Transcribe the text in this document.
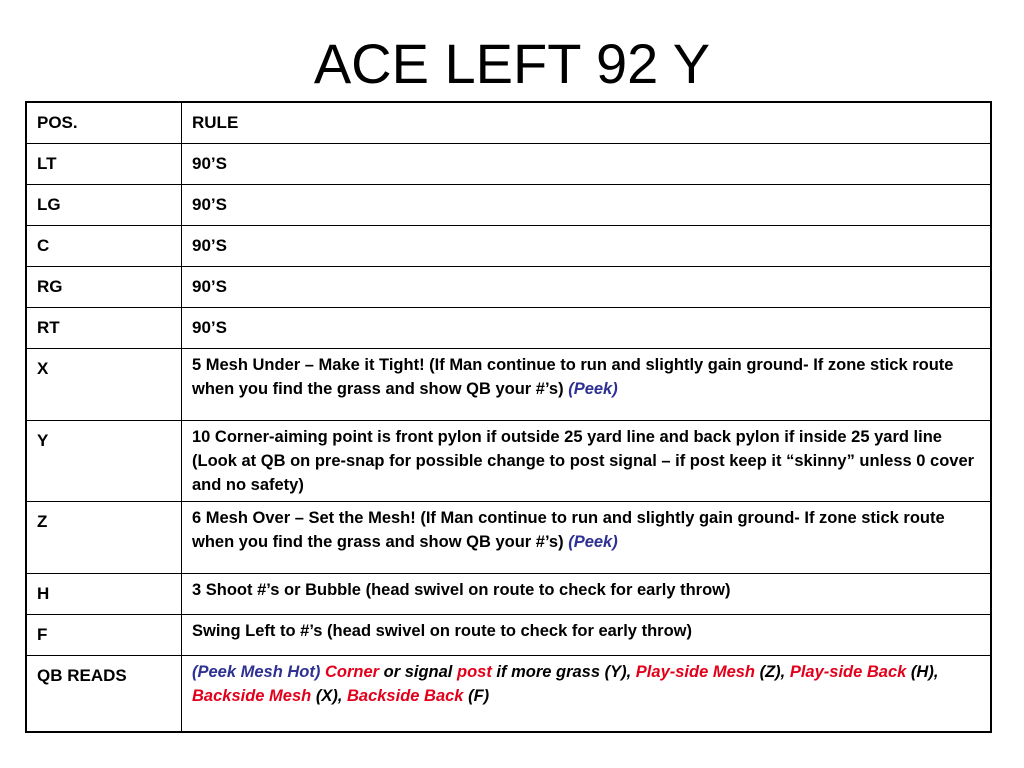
ACE LEFT 92 Y
POS.	RULE
LT	90’S
LG	90’S
C	90’S
RG	90’S
RT	90’S
X	5 Mesh Under – Make it Tight! (If Man continue to run and slightly gain ground- If zone stick route when you find the grass and show QB your #’s) (Peek)
Y	10 Corner-aiming point is front pylon if outside 25 yard line and back pylon if inside 25 yard line (Look at QB on pre-snap for possible change to post signal – if post keep it “skinny” unless 0 cover and no safety)
Z	6 Mesh Over – Set the Mesh! (If Man continue to run and slightly gain ground- If zone stick route when you find the grass and show QB your #’s) (Peek)
H	3 Shoot #’s or Bubble (head swivel on route to check for early throw)
F	Swing Left to #’s (head swivel on route to check for early throw)
QB READS	(Peek Mesh Hot) Corner or signal post if more grass (Y), Play-side Mesh (Z), Play-side Back (H), Backside Mesh (X), Backside Back (F)
